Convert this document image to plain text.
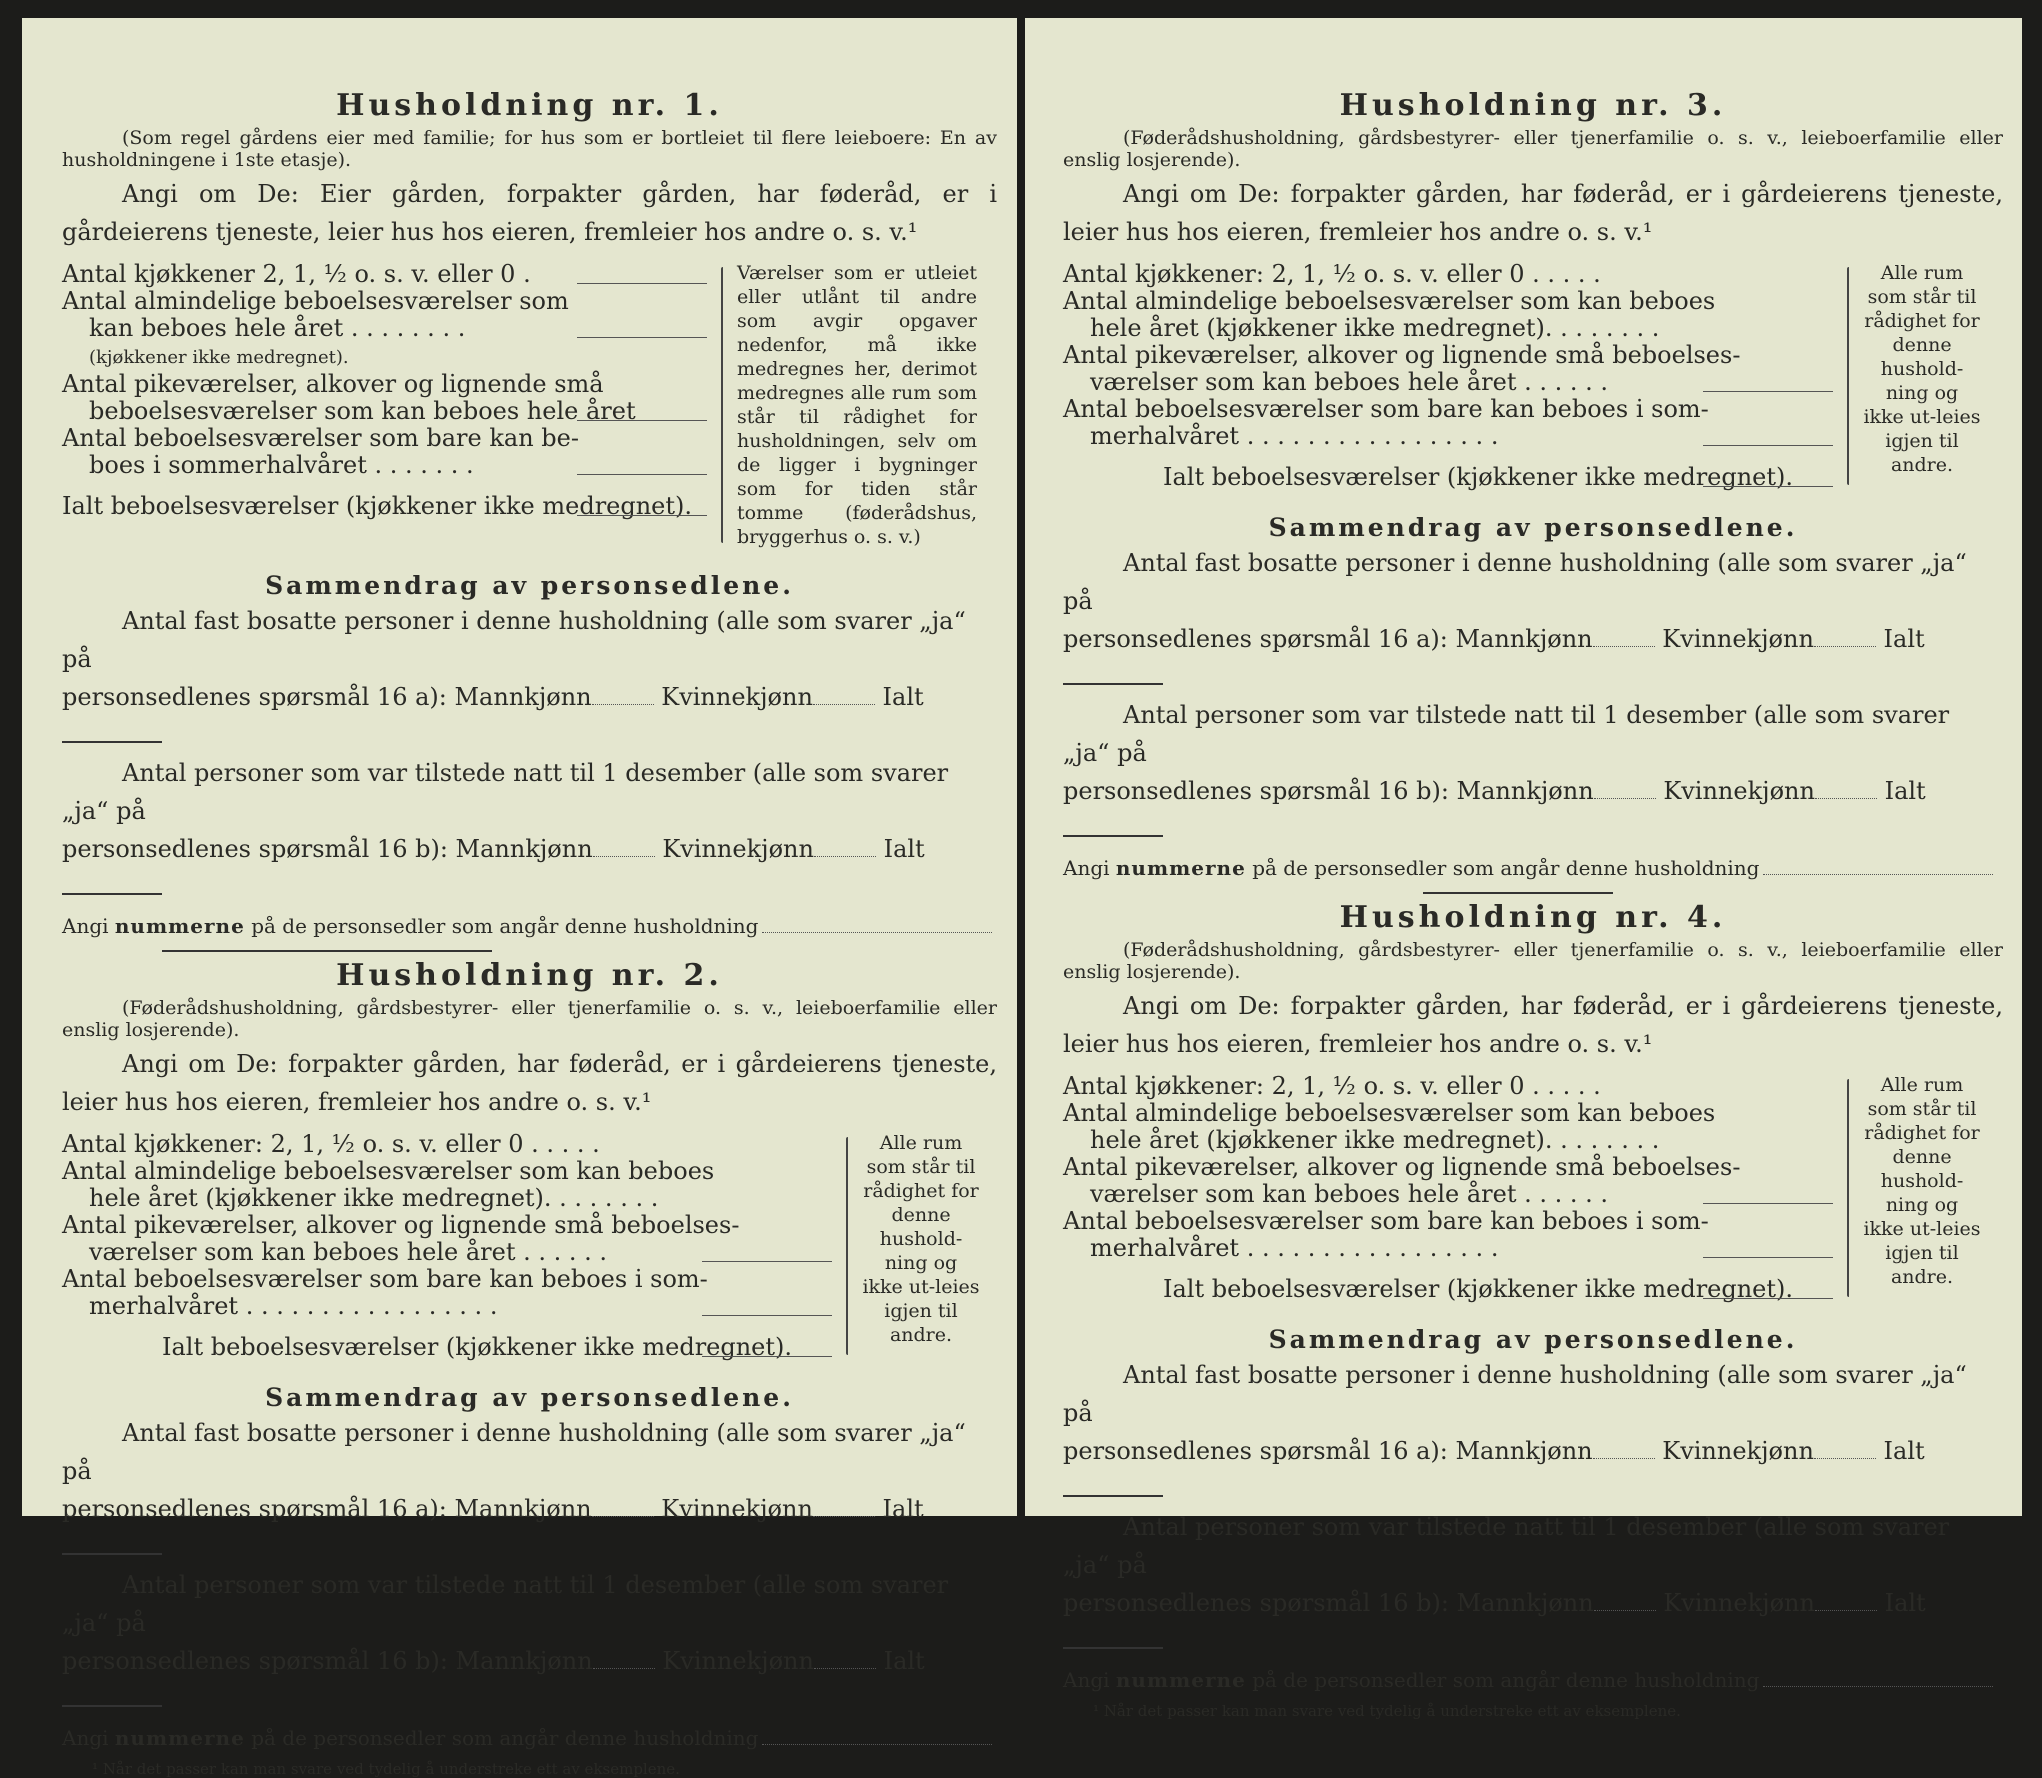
Husholdning nr. 1.

(Som regel gårdens eier med familie; for hus som er bortleiet til flere leieboere: En av husholdningene i 1ste etasje).

Angi om De: Eier gården, forpakter gården, har føderåd, er i gårdeierens tjeneste, leier hus hos eieren, fremleier hos andre o. s. v.¹

Antal kjøkkener 2, 1, ½ o. s. v. eller 0 .
Antal almindelige beboelsesværelser som
kan beboes hele året . . . . . . . .
(kjøkkener ikke medregnet).
Antal pikeværelser, alkover og lignende små
beboelsesværelser som kan beboes hele året
Antal beboelsesværelser som bare kan be-
boes i sommerhalvåret . . . . . . .
Ialt beboelsesværelser (kjøkkener ikke medregnet).
Værelser som er utleiet eller utlånt til andre som avgir opgaver nedenfor, må ikke medregnes her, derimot medregnes alle rum som står til rådighet for husholdningen, selv om de ligger i bygninger som for tiden står tomme (føderådshus, bryggerhus o. s. v.)
Sammendrag av personsedlene.

Antal fast bosatte personer i denne husholdning (alle som svarer „ja“ på

personsedlenes spørsmål 16 a): Mannkjønn	Kvinnekjønn	Ialt

Antal personer som var tilstede natt til 1 desember (alle som svarer „ja“ på

personsedlenes spørsmål 16 b): Mannkjønn	Kvinnekjønn	Ialt

Angi nummerne på de personsedler som angår denne husholdning
Husholdning nr. 2.

(Føderådshusholdning, gårdsbestyrer- eller tjenerfamilie o. s. v., leieboerfamilie eller enslig losjerende).

Angi om De: forpakter gården, har føderåd, er i gårdeierens tjeneste, leier hus hos eieren, fremleier hos andre o. s. v.¹

Antal kjøkkener: 2, 1, ½ o. s. v. eller 0 . . . . .
Antal almindelige beboelsesværelser som kan beboes
hele året (kjøkkener ikke medregnet). . . . . . . .
Antal pikeværelser, alkover og lignende små beboelses-
værelser som kan beboes hele året . . . . . .
Antal beboelsesværelser som bare kan beboes i som-
merhalvåret . . . . . . . . . . . . . . . . .
Ialt beboelsesværelser (kjøkkener ikke medregnet).
Alle rum som står til rådighet for denne hushold-ning og ikke ut-leies igjen til andre.
Sammendrag av personsedlene.

Antal fast bosatte personer i denne husholdning (alle som svarer „ja“ på

personsedlenes spørsmål 16 a): Mannkjønn	Kvinnekjønn	Ialt

Antal personer som var tilstede natt til 1 desember (alle som svarer „ja“ på

personsedlenes spørsmål 16 b): Mannkjønn	Kvinnekjønn	Ialt

Angi nummerne på de personsedler som angår denne husholdning
¹ Når det passer kan man svare ved tydelig å understreke ett av eksemplene.
Husholdning nr. 3.

(Føderådshusholdning, gårdsbestyrer- eller tjenerfamilie o. s. v., leieboerfamilie eller enslig losjerende).

Angi om De: forpakter gården, har føderåd, er i gårdeierens tjeneste, leier hus hos eieren, fremleier hos andre o. s. v.¹

Antal kjøkkener: 2, 1, ½ o. s. v. eller 0 . . . . .
Antal almindelige beboelsesværelser som kan beboes
hele året (kjøkkener ikke medregnet). . . . . . . .
Antal pikeværelser, alkover og lignende små beboelses-
værelser som kan beboes hele året . . . . . .
Antal beboelsesværelser som bare kan beboes i som-
merhalvåret . . . . . . . . . . . . . . . . .
Ialt beboelsesværelser (kjøkkener ikke medregnet).
Alle rum som står til rådighet for denne hushold-ning og ikke ut-leies igjen til andre.
Sammendrag av personsedlene.

Antal fast bosatte personer i denne husholdning (alle som svarer „ja“ på

personsedlenes spørsmål 16 a): Mannkjønn	Kvinnekjønn	Ialt

Antal personer som var tilstede natt til 1 desember (alle som svarer „ja“ på

personsedlenes spørsmål 16 b): Mannkjønn	Kvinnekjønn	Ialt

Angi nummerne på de personsedler som angår denne husholdning
Husholdning nr. 4.

(Føderådshusholdning, gårdsbestyrer- eller tjenerfamilie o. s. v., leieboerfamilie eller enslig losjerende).

Angi om De: forpakter gården, har føderåd, er i gårdeierens tjeneste, leier hus hos eieren, fremleier hos andre o. s. v.¹

Antal kjøkkener: 2, 1, ½ o. s. v. eller 0 . . . . .
Antal almindelige beboelsesværelser som kan beboes
hele året (kjøkkener ikke medregnet). . . . . . . .
Antal pikeværelser, alkover og lignende små beboelses-
værelser som kan beboes hele året . . . . . .
Antal beboelsesværelser som bare kan beboes i som-
merhalvåret . . . . . . . . . . . . . . . . .
Ialt beboelsesværelser (kjøkkener ikke medregnet).
Alle rum som står til rådighet for denne hushold-ning og ikke ut-leies igjen til andre.
Sammendrag av personsedlene.

Antal fast bosatte personer i denne husholdning (alle som svarer „ja“ på

personsedlenes spørsmål 16 a): Mannkjønn	Kvinnekjønn	Ialt

Antal personer som var tilstede natt til 1 desember (alle som svarer „ja“ på

personsedlenes spørsmål 16 b): Mannkjønn	Kvinnekjønn	Ialt

Angi nummerne på de personsedler som angår denne husholdning
¹ Når det passer kan man svare ved tydelig å understreke ett av eksemplene.
